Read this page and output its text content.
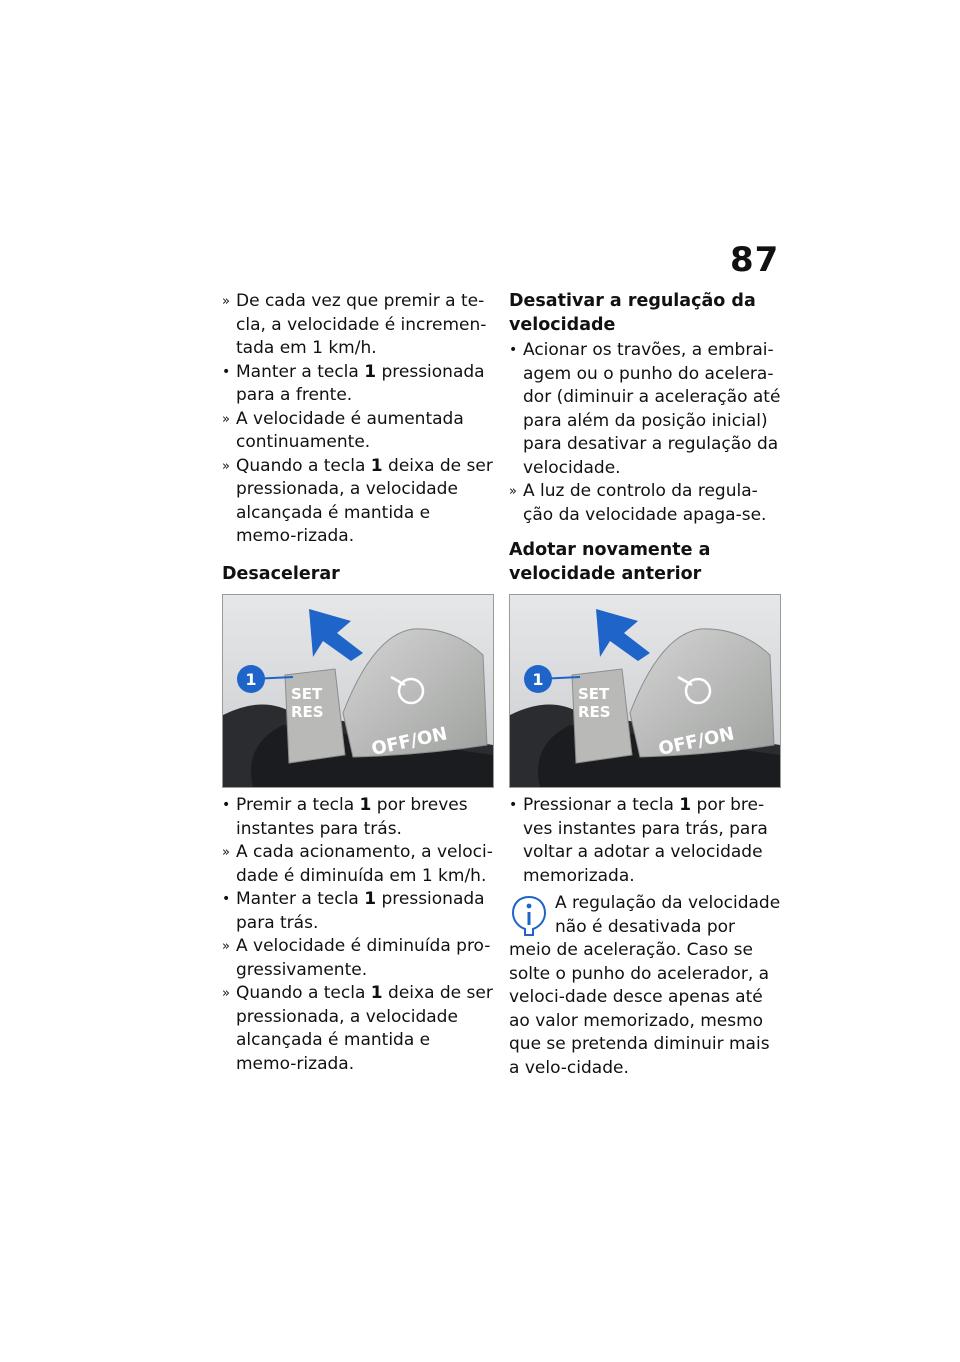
87

» De cada vez que premir a te-cla, a velocidade é incremen-tada em 1 km/h.

• Manter a tecla 1 pressionada para a frente.

» A velocidade é aumentada continuamente.

» Quando a tecla 1 deixa de ser pressionada, a velocidade alcançada é mantida e memo-rizada.

Desacelerar

SET
RES
OFF/ON
1

• Premir a tecla 1 por breves instantes para trás.

» A cada acionamento, a veloci-dade é diminuída em 1 km/h.

• Manter a tecla 1 pressionada para trás.

» A velocidade é diminuída pro-gressivamente.

» Quando a tecla 1 deixa de ser pressionada, a velocidade alcançada é mantida e memo-rizada.

Desativar a regulação da velocidade

• Acionar os travões, a embrai-agem ou o punho do acelera-dor (diminuir a aceleração até para além da posição inicial) para desativar a regulação da velocidade.

» A luz de controlo da regula-ção da velocidade apaga-se.

Adotar novamente a velocidade anterior

SET
RES
OFF/ON
1

• Pressionar a tecla 1 por bre-ves instantes para trás, para voltar a adotar a velocidade memorizada.

A regulação da velocidade não é desativada por meio de aceleração. Caso se solte o punho do acelerador, a veloci-dade desce apenas até ao valor memorizado, mesmo que se pretenda diminuir mais a velo-cidade.
